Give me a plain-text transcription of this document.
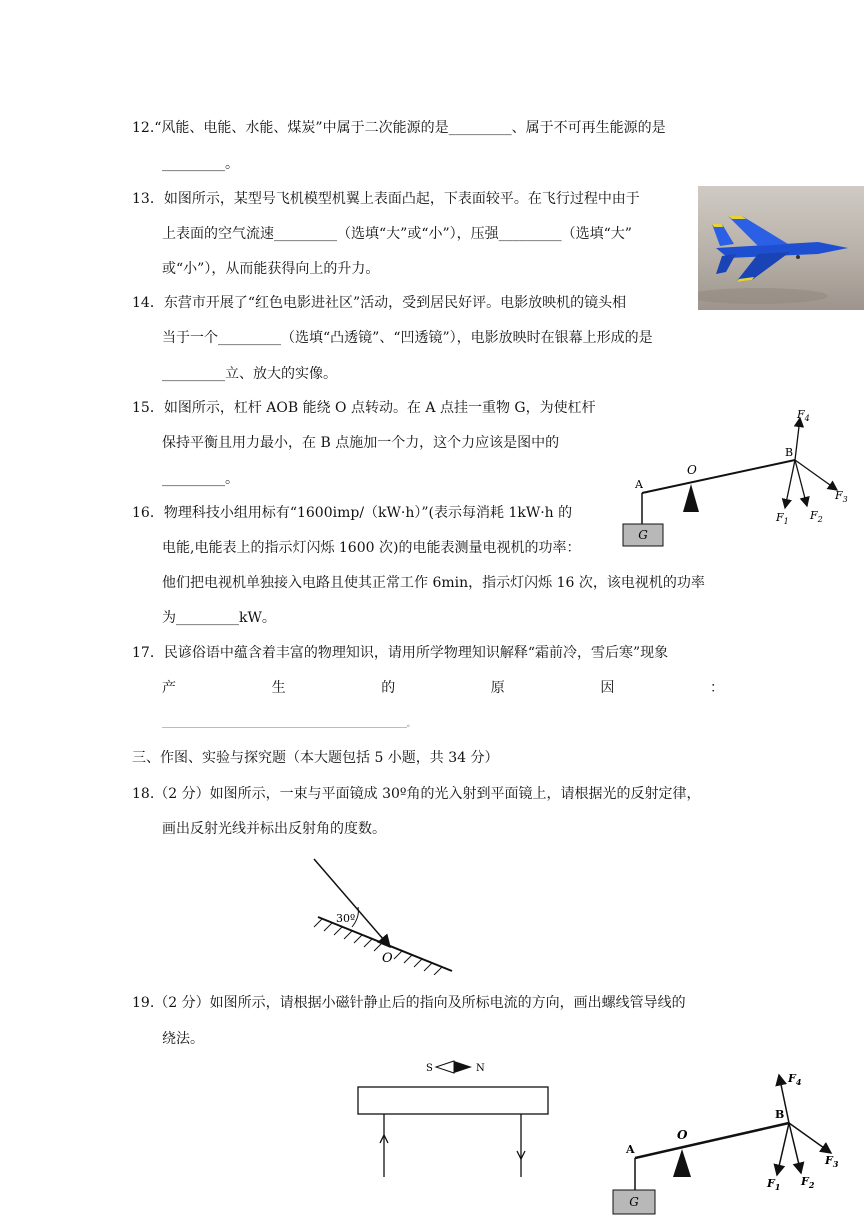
12.“风能、电能、水能、煤炭”中属于二次能源的是_________、属于不可再生能源的是
_________。
13．如图所示，某型号飞机模型机翼上表面凸起，下表面较平。在飞行过程中由于
上表面的空气流速_________（选填“大”或“小”），压强_________（选填“大”
或“小”），从而能获得向上的升力。
14．东营市开展了“红色电影进社区”活动，受到居民好评。电影放映机的镜头相
当于一个_________（选填“凸透镜”、“凹透镜”），电影放映时在银幕上形成的是
_________立、放大的实像。
15．如图所示，杠杆 AOB 能绕 O 点转动。在 A 点挂一重物 G，为使杠杆
保持平衡且用力最小，在 B 点施加一个力，这个力应该是图中的
_________。
G
O
A
B
$F_4$
$F_1$ $F_2$
$F_3$
16．物理科技小组用标有“1600imp/（kW·h）”(表示每消耗 1kW·h 的
电能,电能表上的指示灯闪烁 1600 次)的电能表测量电视机的功率：
他们把电视机单独接入电路且使其正常工作 6min，指示灯闪烁 16 次，该电视机的功率
为_________kW。
17．民谚俗语中蕴含着丰富的物理知识，请用所学物理知识解释“霜前冷，雪后寒”现象
产	生	的	原	因	：
______________________________________________________________________。
三、作图、实验与探究题（本大题包括 5 小题，共 34 分）
18.（2 分）如图所示，一束与平面镜成 30º角的光入射到平面镜上，请根据光的反射定律，
画出反射光线并标出反射角的度数。
30º
O
19.（2 分）如图所示，请根据小磁针静止后的指向及所标电流的方向，画出螺线管导线的
绕法。
S	N
G
O
A
B
$F_4$
$F_1$ $F_2$
$F_3$
